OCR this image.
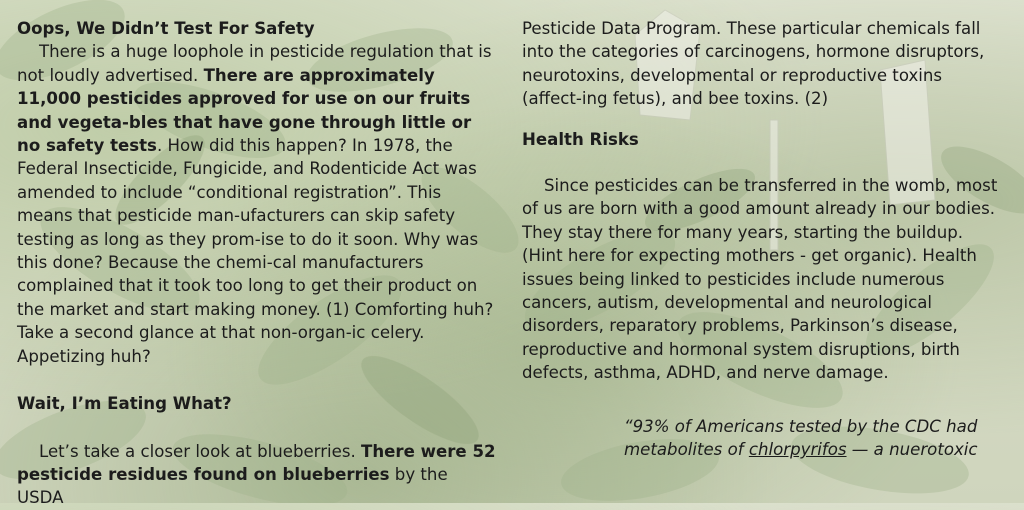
Oops, We Didn’t Test For Safety

There is a huge loophole in pesticide regulation that is not loudly advertised. There are approximately 11,000 pesticides approved for use on our fruits and vegeta-bles that have gone through little or no safety tests. How did this happen? In 1978, the Federal Insecticide, Fungicide, and Rodenticide Act was amended to include “conditional registration”. This means that pesticide man-ufacturers can skip safety testing as long as they prom-ise to do it soon. Why was this done? Because the chemi-cal manufacturers complained that it took too long to get their product on the market and start making money. (1) Comforting huh? Take a second glance at that non-organ-ic celery. Appetizing huh?

Wait, I’m Eating What?

Let’s take a closer look at blueberries. There were 52 pesticide residues found on blueberries by the USDA

Pesticide Data Program. These particular chemicals fall into the categories of carcinogens, hormone disruptors, neurotoxins, developmental or reproductive toxins (affect-ing fetus), and bee toxins. (2)

Health Risks

Since pesticides can be transferred in the womb, most of us are born with a good amount already in our bodies. They stay there for many years, starting the buildup. (Hint here for expecting mothers - get organic). Health issues being linked to pesticides include numerous cancers, autism, developmental and neurological disorders, reparatory problems, Parkinson’s disease, reproductive and hormonal system disruptions, birth defects, asthma, ADHD, and nerve damage.

“93% of Americans tested by the CDC had metabolites of chlorpyrifos — a nuerotoxic
